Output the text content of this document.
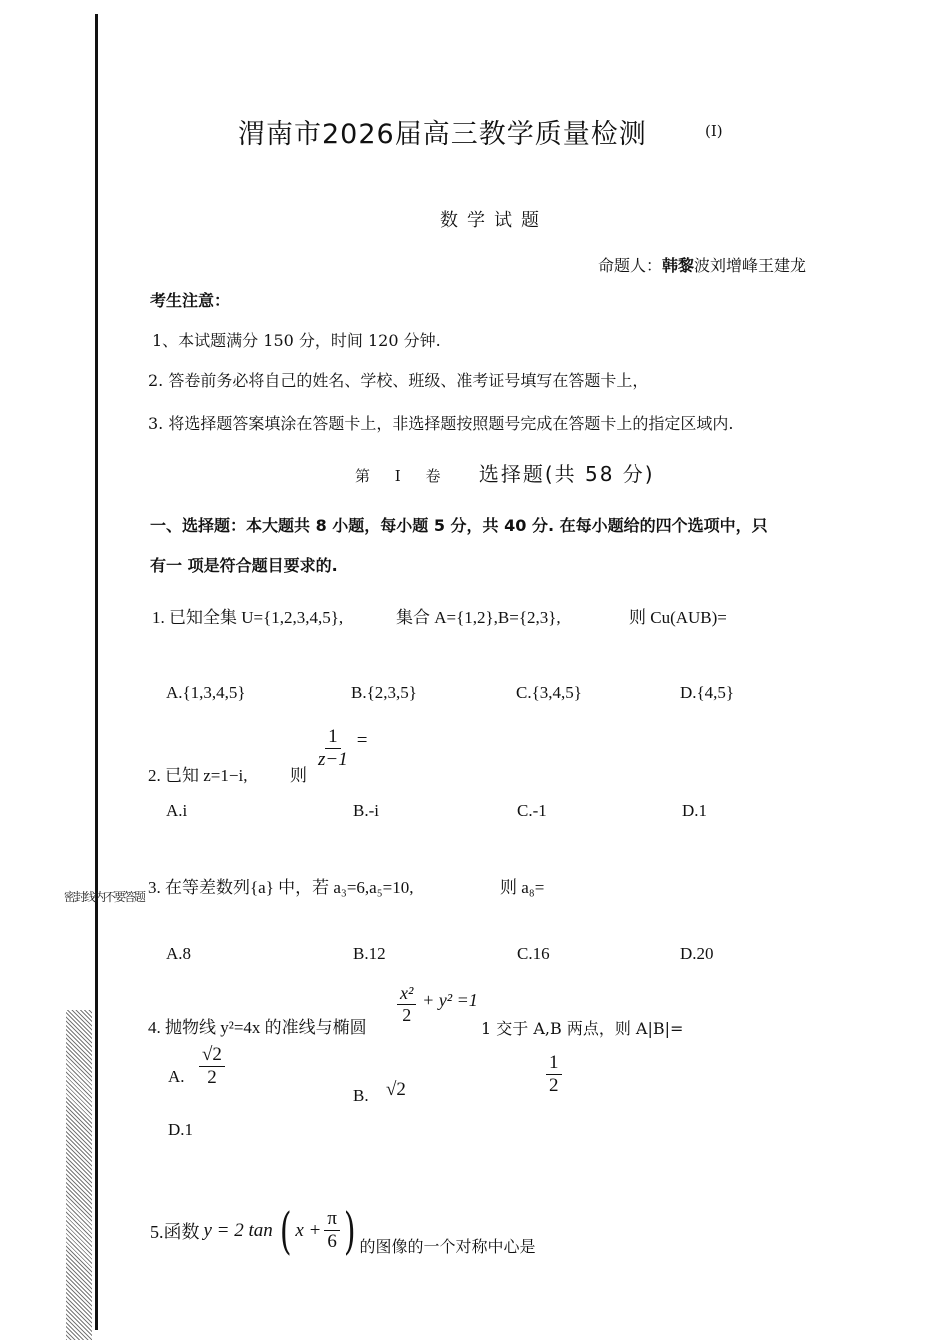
密封线内不要答题
渭南市2026届高三教学质量检测	(I)
数学试题
命题人：韩黎波刘增峰王建龙
考生注意：
1、本试题满分 150 分，时间 120 分钟.
2. 答卷前务必将自己的姓名、学校、班级、准考证号填写在答题卡上，
3. 将选择题答案填涂在答题卡上，非选择题按照题号完成在答题卡上的指定区域内.
第 I 卷 选择题(共 58 分)
一、选择题：本大题共 8 小题，每小题 5 分，共 40 分. 在每小题给的四个选项中，只
有一 项是符合题目要求的.
1. 已知全集 U={1,2,3,4,5},	集合 A={1,2},B={2,3},	则 Cu(AUB)=
A.{1,3,4,5}	B.{2,3,5}	C.{3,4,5}	D.{4,5}
2. 已知 z=1−i,	则
$\frac{1}{z-1}$ =
A.i	B.-i	C.-1	D.1
3. 在等差数列{a} 中，若 a₃=6,a₅=10,	则 a₈=
A.8	B.12	C.16	D.20
4. 抛物线 y²=4x 的准线与椭圆
$\frac{\text{x²}}{2} + y^2 =1$
1 交于 A,B 两点，则 A|B|=
A. $\frac{√2}{2}$
B. √2	$\frac{1}{2}$
D.1
5.函数 y = 2 tan ( $x + \frac{\pi}{6}$ ) 的图像的一个对称中心是
